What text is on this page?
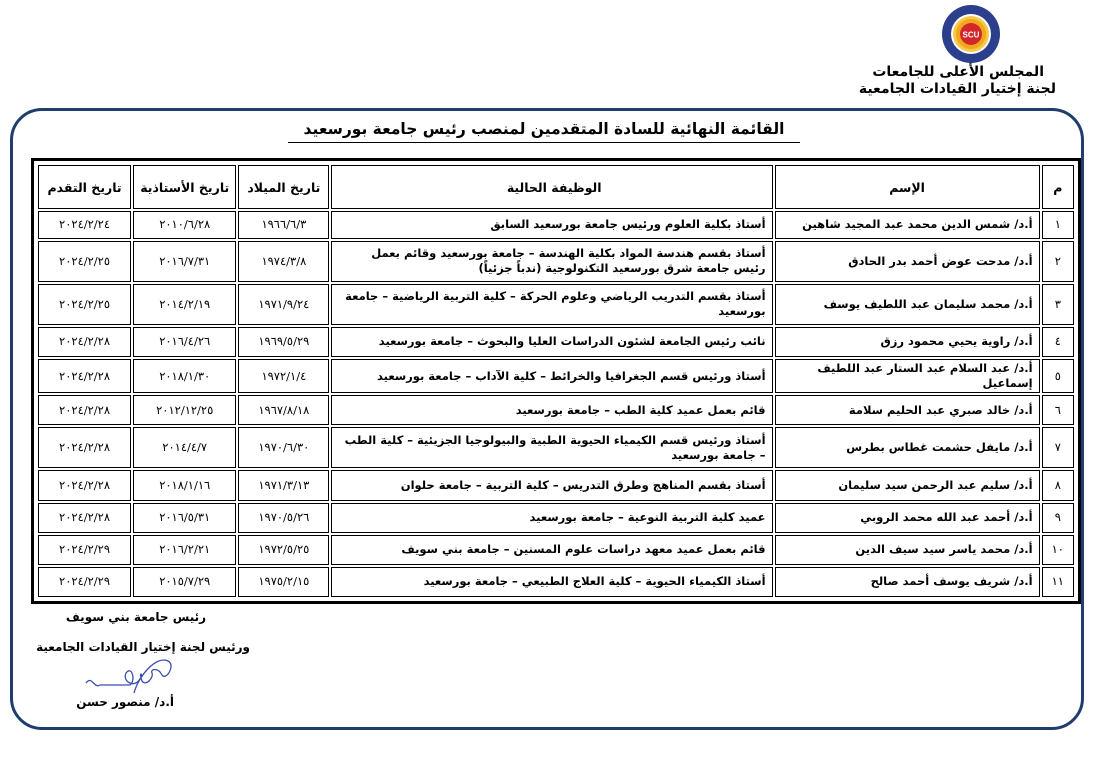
SCU
المجلس الأعلى للجامعات
لجنة إختيار القيادات الجامعية
القائمة النهائية للسادة المتقدمين لمنصب رئيس جامعة بورسعيد
م	الإسم	الوظيفة الحالية	تاريخ الميلاد	تاريخ الأستاذية	تاريخ التقدم
١	أ.د/ شمس الدين محمد عبد المجيد شاهين	أستاذ بكلية العلوم ورئيس جامعة بورسعيد السابق	١٩٦٦/٦/٣	٢٠١٠/٦/٢٨	٢٠٢٤/٢/٢٤
٢	أ.د/ مدحت عوض أحمد بدر الحادق	أستاذ بقسم هندسة المواد بكلية الهندسة – جامعة بورسعيد وقائم بعمل رئيس جامعة شرق بورسعيد التكنولوجية (ندباً جزئياً)	١٩٧٤/٣/٨	٢٠١٦/٧/٣١	٢٠٢٤/٢/٢٥
٣	أ.د/ محمد سليمان عبد اللطيف يوسف	أستاذ بقسم التدريب الرياضي وعلوم الحركة – كلية التربية الرياضية – جامعة بورسعيد	١٩٧١/٩/٢٤	٢٠١٤/٢/١٩	٢٠٢٤/٢/٢٥
٤	أ.د/ راوية يحيي محمود رزق	نائب رئيس الجامعة لشئون الدراسات العليا والبحوث – جامعة بورسعيد	١٩٦٩/٥/٢٩	٢٠١٦/٤/٢٦	٢٠٢٤/٢/٢٨
٥	أ.د/ عبد السلام عبد الستار عبد اللطيف إسماعيل	أستاذ ورئيس قسم الجغرافيا والخرائط – كلية الآداب – جامعة بورسعيد	١٩٧٢/١/٤	٢٠١٨/١/٣٠	٢٠٢٤/٢/٢٨
٦	أ.د/ خالد صبري عبد الحليم سلامة	قائم بعمل عميد كلية الطب – جامعة بورسعيد	١٩٦٧/٨/١٨	٢٠١٢/١٢/٢٥	٢٠٢٤/٢/٢٨
٧	أ.د/ مايفل حشمت غطاس بطرس	أستاذ ورئيس قسم الكيمياء الحيوية الطبية والبيولوجيا الجزيئية – كلية الطب – جامعة بورسعيد	١٩٧٠/٦/٣٠	٢٠١٤/٤/٧	٢٠٢٤/٢/٢٨
٨	أ.د/ سليم عبد الرحمن سيد سليمان	أستاذ بقسم المناهج وطرق التدريس – كلية التربية – جامعة حلوان	١٩٧١/٣/١٣	٢٠١٨/١/١٦	٢٠٢٤/٢/٢٨
٩	أ.د/ أحمد عبد الله محمد الروبي	عميد كلية التربية النوعية – جامعة بورسعيد	١٩٧٠/٥/٢٦	٢٠١٦/٥/٣١	٢٠٢٤/٢/٢٨
١٠	أ.د/ محمد ياسر سيد سيف الدين	قائم بعمل عميد معهد دراسات علوم المسنين – جامعة بني سويف	١٩٧٢/٥/٢٥	٢٠١٦/٢/٢١	٢٠٢٤/٢/٢٩
١١	أ.د/ شريف يوسف أحمد صالح	أستاذ الكيمياء الحيوية – كلية العلاج الطبيعي – جامعة بورسعيد	١٩٧٥/٢/١٥	٢٠١٥/٧/٢٩	٢٠٢٤/٢/٢٩
رئيس جامعة بني سويف
ورئيس لجنة إختيار القيادات الجامعية
أ.د/ منصور حسن
